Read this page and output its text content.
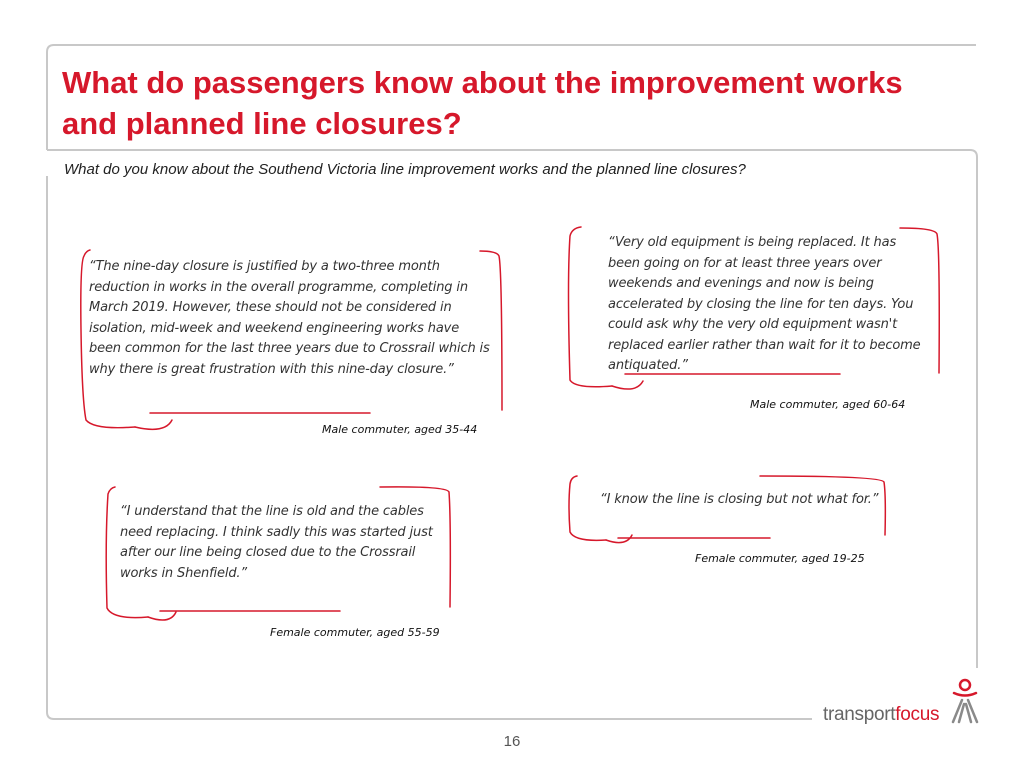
What do passengers know about the improvement works and planned line closures?
What do you know about the Southend Victoria line improvement works and the planned line closures?
“The nine-day closure is justified by a two-three month reduction in works in the overall programme, completing in March 2019. However, these should not be considered in isolation, mid-week and weekend engineering works have been common for the last three years due to Crossrail which is why there is great frustration with this nine-day closure.”
Male commuter, aged 35-44
“Very old equipment is being replaced. It has been going on for at least three years over weekends and evenings and now is being accelerated by closing the line for ten days. You could ask why the very old equipment wasn't replaced earlier rather than wait for it to become antiquated.”
Male commuter, aged 60-64
“I understand that the line is old and the cables need replacing. I think sadly this was started just after our line being closed due to the Crossrail works in Shenfield.”
Female commuter, aged 55-59
“I know the line is closing but not what for.”
Female commuter, aged 19-25
transportfocus
16
